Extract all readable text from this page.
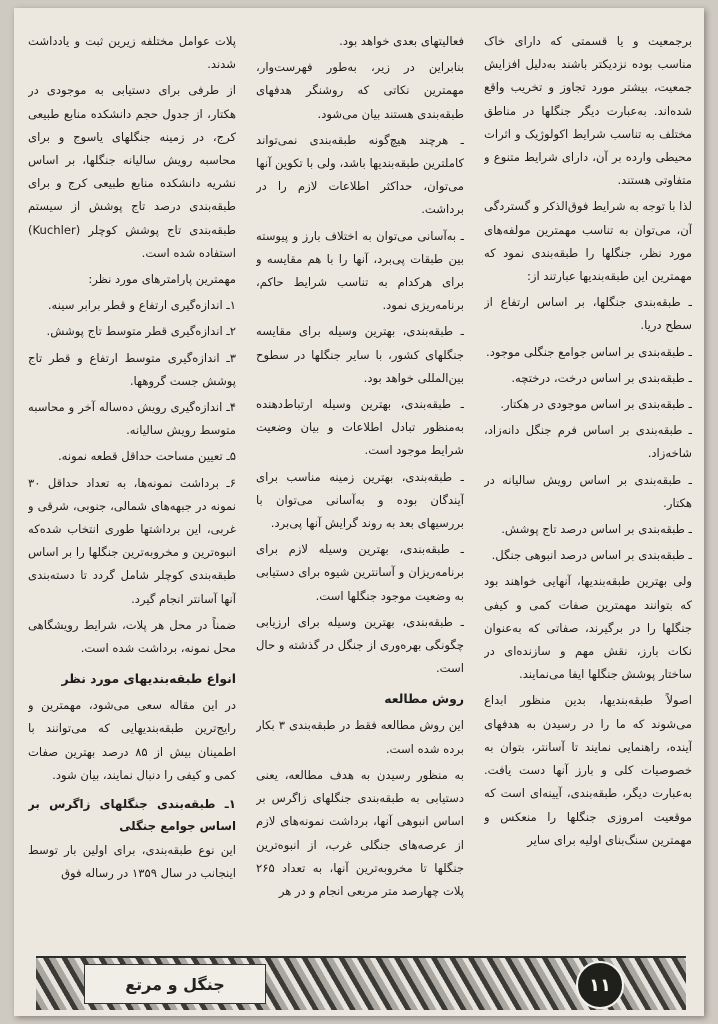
برجمعیت و یا قسمتی که دارای خاک مناسب بوده نزدیکتر باشند به‌دلیل افزایش جمعیت، بیشتر مورد تجاوز و تخریب واقع شده‌اند. به‌عبارت دیگر جنگلها در مناطق مختلف به تناسب شرایط اکولوژیک و اثرات محیطی وارده بر آن، دارای شرایط متنوع و متفاوتی هستند.

لذا با توجه به شرایط فوق‌الذکر و گستردگی آن، می‌توان به تناسب مهمترین مولفه‌های مورد نظر، جنگلها را طبقه‌بندی نمود که مهمترین این طبقه‌بندیها عبارتند از:

ـ طبقه‌بندی جنگلها، بر اساس ارتفاع از سطح دریا.

ـ طبقه‌بندی بر اساس جوامع جنگلی موجود.

ـ طبقه‌بندی بر اساس درخت، درختچه.

ـ طبقه‌بندی بر اساس موجودی در هکتار.

ـ طبقه‌بندی بر اساس فرم جنگل دانه‌زاد، شاخه‌زاد.

ـ طبقه‌بندی بر اساس رویش سالیانه در هکتار.

ـ طبقه‌بندی بر اساس درصد تاج پوشش.

ـ طبقه‌بندی بر اساس درصد انبوهی جنگل.

ولی بهترین طبقه‌بندیها، آنهایی خواهند بود که بتوانند مهمترین صفات کمی و کیفی جنگلها را در برگیرند، صفاتی که به‌عنوان نکات بارز، نقش مهم و سازنده‌ای در ساختار پوشش جنگلها ایفا می‌نمایند.

اصولاً طبقه‌بندیها، بدین منظور ابداع می‌شوند که ما را در رسیدن به هدفهای آینده، راهنمایی نمایند تا آسانتر، بتوان به خصوصیات کلی و بارز آنها دست یافت. به‌عبارت دیگر، طبقه‌بندی، آیینه‌ای است که موقعیت امروزی جنگلها را منعکس و مهمترین سنگ‌بنای اولیه برای سایر

فعالیتهای بعدی خواهد بود.

بنابراین در زیر، به‌طور فهرست‌وار، مهمترین نکاتی که روشنگر هدفهای طبقه‌بندی هستند بیان می‌شود.

ـ هرچند هیچ‌گونه طبقه‌بندی نمی‌تواند کاملترین طبقه‌بندیها باشد، ولی با تکوین آنها می‌توان، حداکثر اطلاعات لازم را در برداشت.

ـ به‌آسانی می‌توان به اختلاف بارز و پیوسته بین طبقات پی‌برد، آنها را با هم مقایسه و برای هرکدام به تناسب شرایط حاکم، برنامه‌ریزی نمود.

ـ طبقه‌بندی، بهترین وسیله برای مقایسه جنگلهای کشور، با سایر جنگلها در سطوح بین‌المللی خواهد بود.

ـ طبقه‌بندی، بهترین وسیله ارتباط‌دهنده به‌منظور تبادل اطلاعات و بیان وضعیت شرایط موجود است.

ـ طبقه‌بندی، بهترین زمینه مناسب برای آیندگان بوده و به‌آسانی می‌توان با بررسیهای بعد به روند گرایش آنها پی‌برد.

ـ طبقه‌بندی، بهترین وسیله لازم برای برنامه‌ریزان و آسانترین شیوه برای دستیابی به وضعیت موجود جنگلها است.

ـ طبقه‌بندی، بهترین وسیله برای ارزیابی چگونگی بهره‌وری از جنگل در گذشته و حال است.

روش مطالعه

این روش مطالعه فقط در طبقه‌بندی ۳ بکار برده شده است.

به منظور رسیدن به هدف مطالعه، یعنی دستیابی به طبقه‌بندی جنگلهای زاگرس بر اساس انبوهی آنها، برداشت نمونه‌های لازم از عرصه‌های جنگلی غرب، از انبوه‌ترین جنگلها تا مخروبه‌ترین آنها، به تعداد ۲۶۵ پلات چهارصد متر مربعی انجام و در هر

پلات عوامل مختلفه زیرین ثبت و یادداشت شدند.

از طرفی برای دستیابی به موجودی در هکتار، از جدول حجم دانشکده منابع طبیعی کرج، در زمینه جنگلهای یاسوج و برای محاسبه رویش سالیانه جنگلها، بر اساس نشریه دانشکده منابع طبیعی کرج و برای طبقه‌بندی درصد تاج پوشش از سیستم طبقه‌بندی تاج پوشش کوچلر (Kuchler) استفاده شده است.

مهمترین پارامترهای مورد نظر:

۱ـ اندازه‌گیری ارتفاع و قطر برابر سینه.

۲ـ اندازه‌گیری قطر متوسط تاج پوشش.

۳ـ اندازه‌گیری متوسط ارتفاع و قطر تاج پوشش جست گروهها.

۴ـ اندازه‌گیری رویش ده‌ساله آخر و محاسبه متوسط رویش سالیانه.

۵ـ تعیین مساحت حداقل قطعه نمونه.

۶ـ برداشت نمونه‌ها، به تعداد حداقل ۳۰ نمونه در جبهه‌های شمالی، جنوبی، شرقی و غربی، این برداشتها طوری انتخاب شده‌که انبوه‌ترین و مخروبه‌ترین جنگلها را بر اساس طبقه‌بندی کوچلر شامل گردد تا دسته‌بندی آنها آسانتر انجام گیرد.

ضمناً در محل هر پلات، شرایط رویشگاهی محل نمونه، برداشت شده است.

انواع طبقه‌بندیهای مورد نظر

در این مقاله سعی می‌شود، مهمترین و رایج‌ترین طبقه‌بندیهایی که می‌توانند با اطمینان بیش از ۸۵ درصد بهترین صفات کمی و کیفی را دنبال نمایند، بیان شود.

۱ـ طبقه‌بندی جنگلهای زاگرس بر اساس جوامع جنگلی

این نوع طبقه‌بندی، برای اولین بار توسط اینجانب در سال ۱۳۵۹ در رساله فوق

جنگل و مرتع	۱۱
